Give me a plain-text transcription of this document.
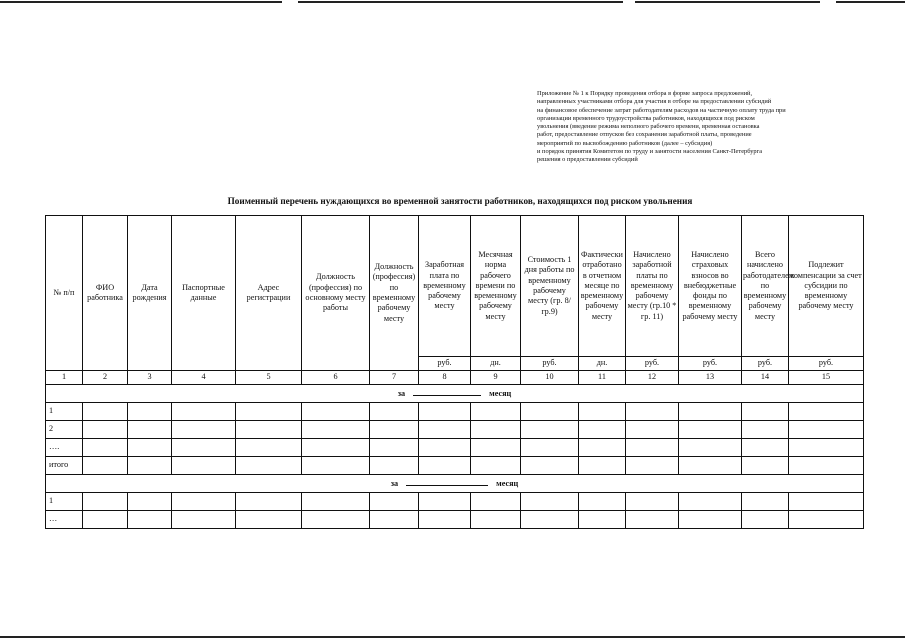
Приложение № 1 к Порядку проведения отбора в форме запроса предложений,
направленных участниками отбора для участия в отборе на предоставлении субсидий
на финансовое обеспечение затрат работодателям расходов на частичную оплату труда при
организации временного трудоустройства работников, находящихся под риском
увольнения (введение режима неполного рабочего времени, временная остановка
работ, предоставление отпусков без сохранения заработной платы, проведение
мероприятий по высвобождению работников (далее – субсидия)
и порядок принятия Комитетом по труду и занятости населения Санкт-Петербурга
решения о предоставлении субсидий
Поименный перечень нуждающихся во временной занятости работников, находящихся под риском увольнения
№ п/п	ФИО работника	Дата рождения	Паспортные данные	Адрес регистрации	Должность (профессия) по основному месту работы	Должность (профессия) по временному рабочему месту	Заработная плата по временному рабочему месту	Месячная норма рабочего времени по временному рабочему месту	Стоимость 1 дня работы по временному рабочему месту (гр. 8/гр.9)	Фактически отработано в отчетном месяце по временному рабочему месту	Начислено заработной платы по временному рабочему месту (гр.10 * гр. 11)	Начислено страховых взносов во внебюджетные фонды по временному рабочему месту	Всего начислено работодателем по временному рабочему месту	Подлежит компенсации за счет субсидии по временному рабочему месту
							руб.	дн.	руб.	дн.	руб.	руб.	руб.	руб.
1	2	3	4	5	6	7	8	9	10	11	12	13	14	15
за месяц														
1														
2														
….														
итого														
за месяц														
1														
…														
